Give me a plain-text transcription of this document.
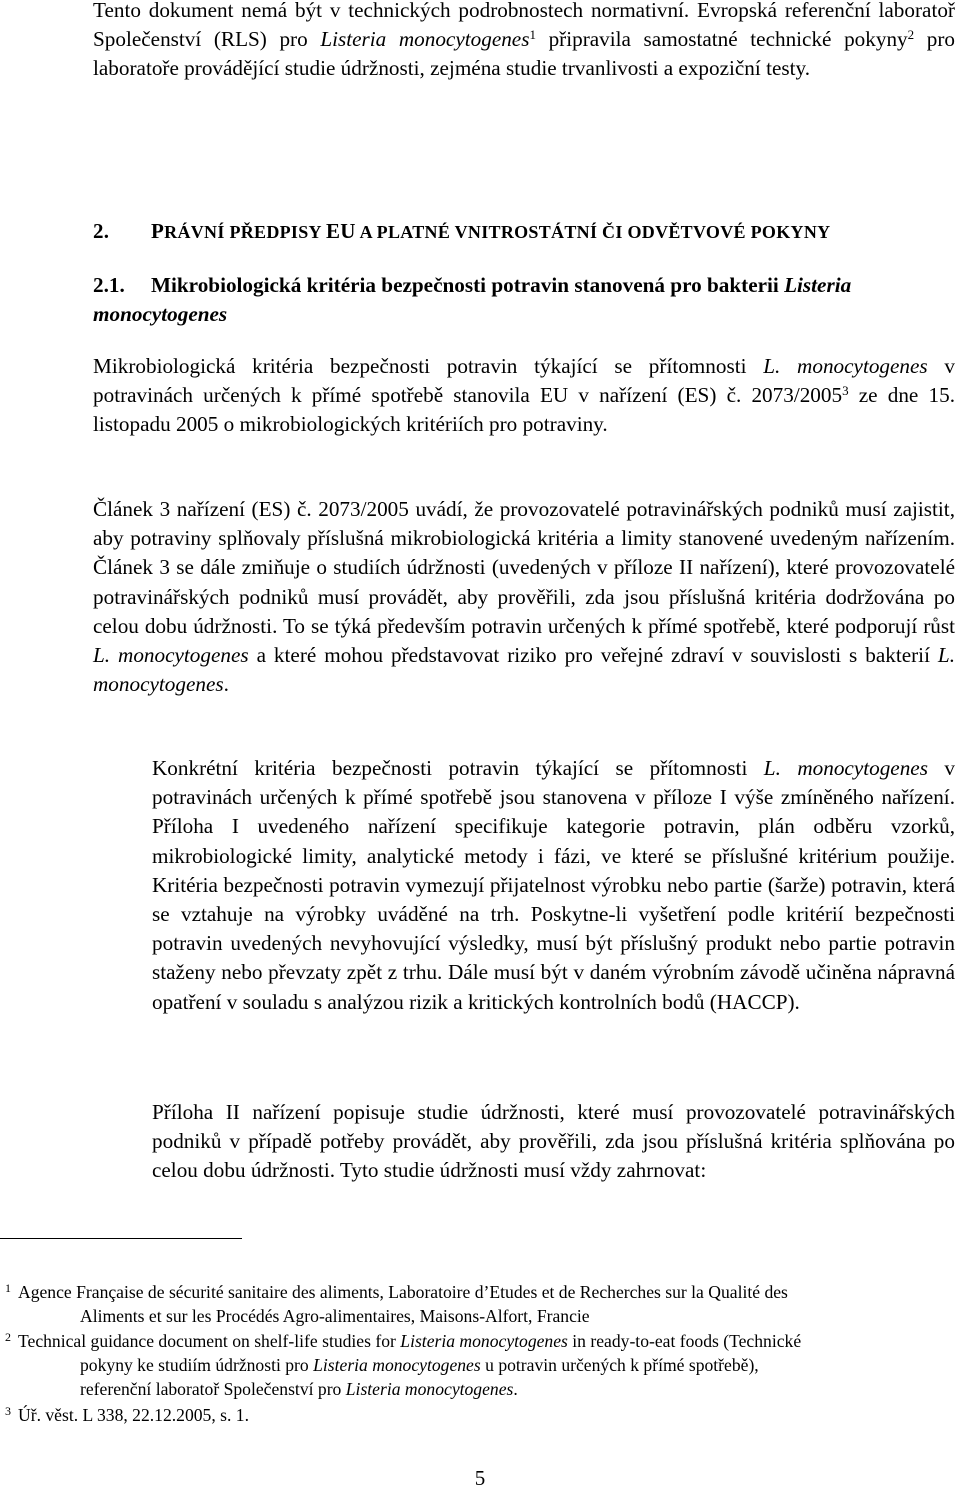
Tento dokument nemá být v technických podrobnostech normativní. Evropská referenční laboratoř Společenství (RLS) pro Listeria monocytogenes$^1$ připravila samostatné technické pokyny$^2$ pro laboratoře provádějící studie údržnosti, zejména studie trvanlivosti a expoziční testy.

2. PRÁVNÍ PŘEDPISY EU A PLATNÉ VNITROSTÁTNÍ ČI ODVĚTVOVÉ POKYNY
2.1. Mikrobiologická kritéria bezpečnosti potravin stanovená pro bakterii Listeria monocytogenes

Mikrobiologická kritéria bezpečnosti potravin týkající se přítomnosti L. monocytogenes v potravinách určených k přímé spotřebě stanovila EU v nařízení (ES) č. 2073/2005$^3$ ze dne 15. listopadu 2005 o mikrobiologických kritériích pro potraviny.

Článek 3 nařízení (ES) č. 2073/2005 uvádí, že provozovatelé potravinářských podniků musí zajistit, aby potraviny splňovaly příslušná mikrobiologická kritéria a limity stanovené uvedeným nařízením. Článek 3 se dále zmiňuje o studiích údržnosti (uvedených v příloze II nařízení), které provozovatelé potravinářských podniků musí provádět, aby prověřili, zda jsou příslušná kritéria dodržována po celou dobu údržnosti. To se týká především potravin určených k přímé spotřebě, které podporují růst L. monocytogenes a které mohou představovat riziko pro veřejné zdraví v souvislosti s bakterií L. monocytogenes.

Konkrétní kritéria bezpečnosti potravin týkající se přítomnosti L. monocytogenes v potravinách určených k přímé spotřebě jsou stanovena v příloze I výše zmíněného nařízení. Příloha I uvedeného nařízení specifikuje kategorie potravin, plán odběru vzorků, mikrobiologické limity, analytické metody i fázi, ve které se příslušné kritérium použije. Kritéria bezpečnosti potravin vymezují přijatelnost výrobku nebo partie (šarže) potravin, která se vztahuje na výrobky uváděné na trh. Poskytne-li vyšetření podle kritérií bezpečnosti potravin uvedených nevyhovující výsledky, musí být příslušný produkt nebo partie potravin staženy nebo převzaty zpět z trhu. Dále musí být v daném výrobním závodě učiněna nápravná opatření v souladu s analýzou rizik a kritických kontrolních bodů (HACCP).

Příloha II nařízení popisuje studie údržnosti, které musí provozovatelé potravinářských podniků v případě potřeby provádět, aby prověřili, zda jsou příslušná kritéria splňována po celou dobu údržnosti. Tyto studie údržnosti musí vždy zahrnovat:

1 Agence Française de sécurité sanitaire des aliments, Laboratoire d’Etudes et de Recherches sur la Qualité des
Aliments et sur les Procédés Agro-alimentaires, Maisons-Alfort, Francie

2 Technical guidance document on shelf-life studies for Listeria monocytogenes in ready-to-eat foods (Technické
pokyny ke studiím údržnosti pro Listeria monocytogenes u potravin určených k přímé spotřebě),
referenční laboratoř Společenství pro Listeria monocytogenes.

3 Úř. věst. L 338, 22.12.2005, s. 1.

5
